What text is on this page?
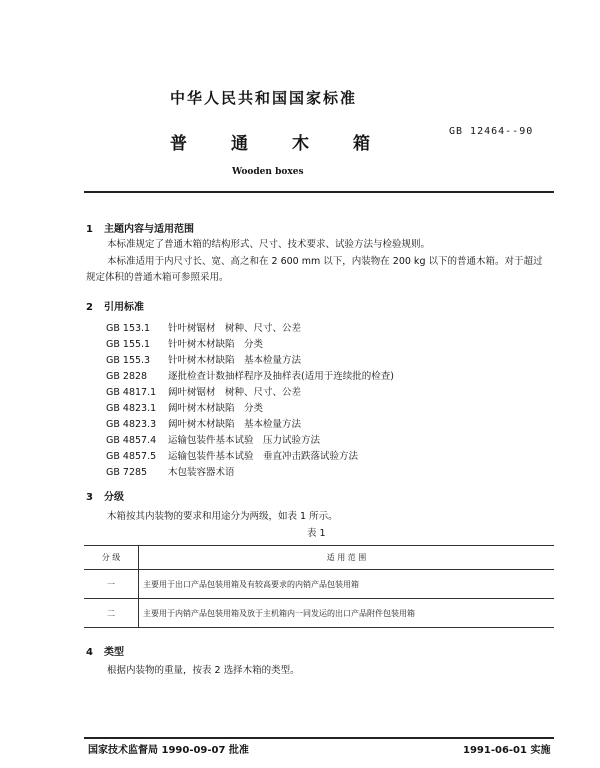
中华人民共和国国家标准
普	通	木	箱
GB 12464--90
Wooden boxes
1 主题内容与适用范围
本标准规定了普通木箱的结构形式、尺寸、技术要求、试验方法与检验规则。
本标准适用于内尺寸长、宽、高之和在 2 600 mm 以下，内装物在 200 kg 以下的普通木箱。对于超过
规定体积的普通木箱可参照采用。
2 引用标准
GB 153.1 针叶树锯材　树种、尺寸、公差
GB 155.1 针叶树木材缺陷　分类
GB 155.3 针叶树木材缺陷　基本检量方法
GB 2828 逐批检查计数抽样程序及抽样表(适用于连续批的检查)
GB 4817.1 阔叶树锯材　树种、尺寸、公差
GB 4823.1 阔叶树木材缺陷　分类
GB 4823.3 阔叶树木材缺陷　基本检量方法
GB 4857.4 运输包装件基本试验　压力试验方法
GB 4857.5 运输包装件基本试验　垂直冲击跌落试验方法
GB 7285 木包装容器术语
3 分级
木箱按其内装物的要求和用途分为两级，如表 1 所示。
表 1
分 级	适 用 范 围
一	主要用于出口产品包装用箱及有较高要求的内销产品包装用箱
二	主要用于内销产品包装用箱及放于主机箱内一同发运的出口产品附件包装用箱
4 类型
根据内装物的重量，按表 2 选择木箱的类型。
国家技术监督局 1990-09-07 批准	1991-06-01 实施
